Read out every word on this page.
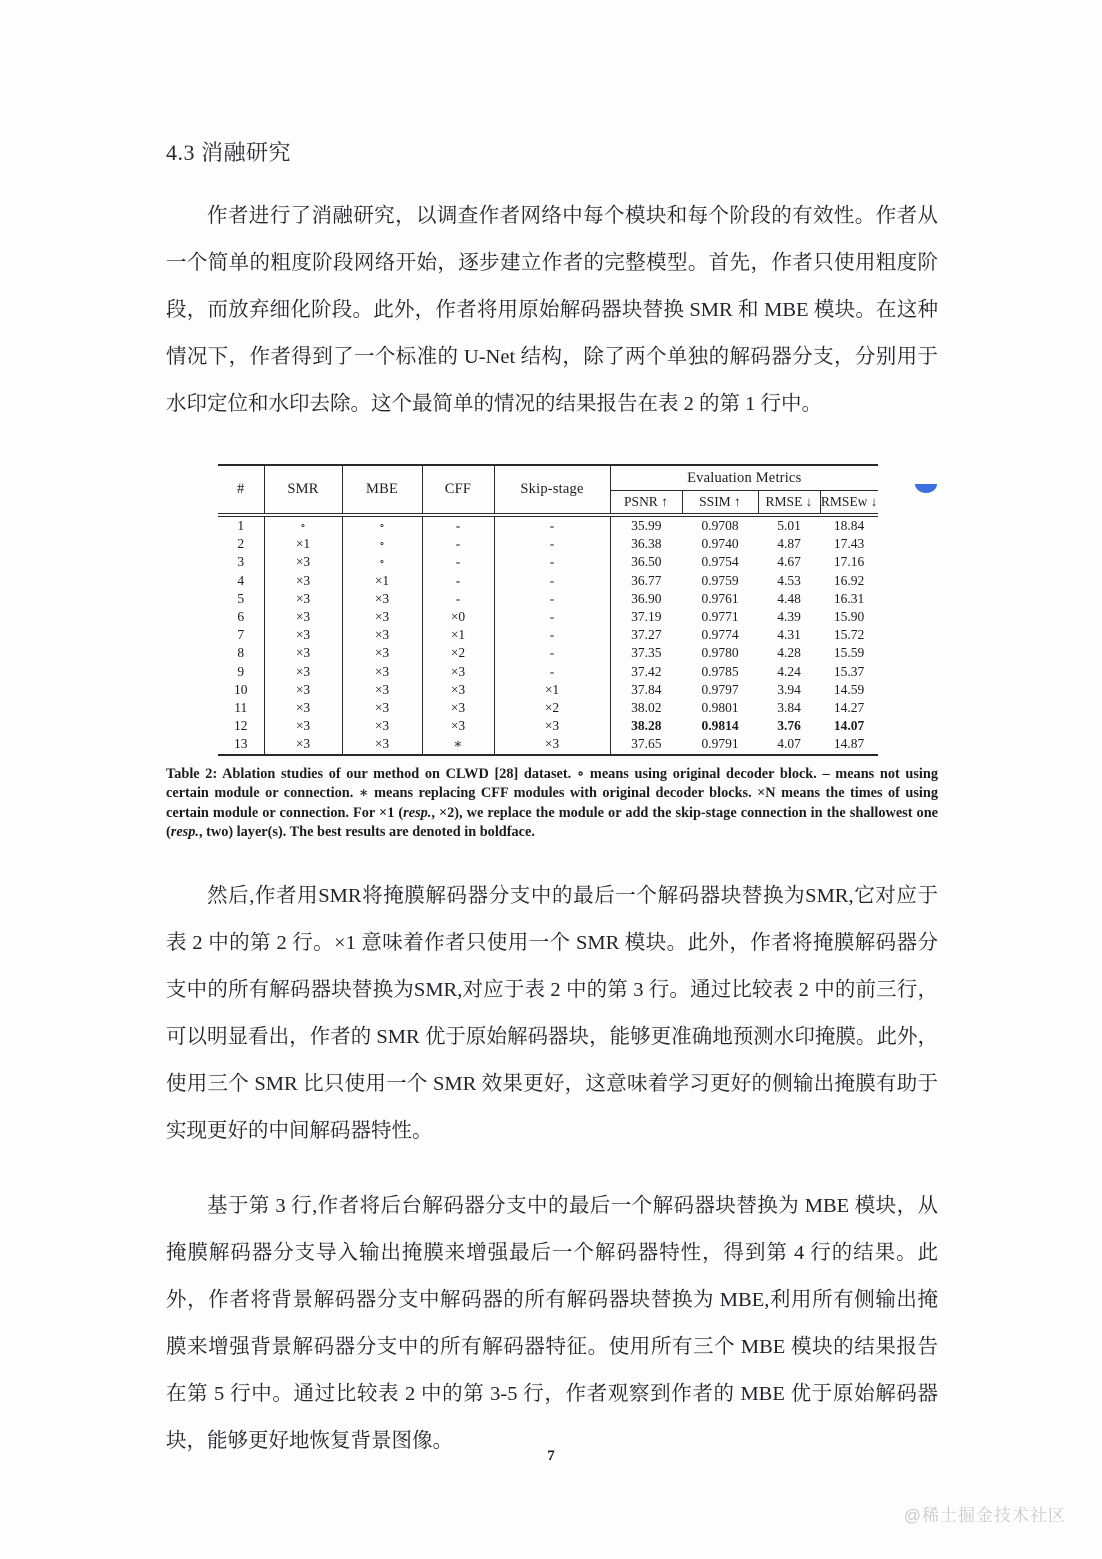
4.3 消融研究

作者进行了消融研究，以调查作者网络中每个模块和每个阶段的有效性。作者从一个简单的粗度阶段网络开始，逐步建立作者的完整模型。首先，作者只使用粗度阶段，而放弃细化阶段。此外，作者将用原始解码器块替换 SMR 和 MBE 模块。在这种情况下，作者得到了一个标准的 U-Net 结构，除了两个单独的解码器分支，分别用于水印定位和水印去除。这个最简单的情况的结果报告在表 2 的第 1 行中。

#	SMR	MBE	CFF	Skip-stage	Evaluation Metrics			
					PSNR ↑	SSIM ↑	RMSE ↓	RMSEw ↓

1	∘	∘	-	-	35.99	0.9708	5.01	18.84
2	×1	∘	-	-	36.38	0.9740	4.87	17.43
3	×3	∘	-	-	36.50	0.9754	4.67	17.16
4	×3	×1	-	-	36.77	0.9759	4.53	16.92
5	×3	×3	-	-	36.90	0.9761	4.48	16.31
6	×3	×3	×0	-	37.19	0.9771	4.39	15.90
7	×3	×3	×1	-	37.27	0.9774	4.31	15.72
8	×3	×3	×2	-	37.35	0.9780	4.28	15.59
9	×3	×3	×3	-	37.42	0.9785	4.24	15.37
10	×3	×3	×3	×1	37.84	0.9797	3.94	14.59
11	×3	×3	×3	×2	38.02	0.9801	3.84	14.27
12	×3	×3	×3	×3	38.28	0.9814	3.76	14.07
13	×3	×3	∗	×3	37.65	0.9791	4.07	14.87

Table 2: Ablation studies of our method on CLWD [28] dataset. ∘ means using original decoder block. – means not using certain module or connection. ∗ means replacing CFF modules with original decoder blocks. ×N means the times of using certain module or connection. For ×1 (resp., ×2), we replace the module or add the skip-stage connection in the shallowest one (resp., two) layer(s). The best results are denoted in boldface.

然后,作者用SMR将掩膜解码器分支中的最后一个解码器块替换为SMR,它对应于表 2 中的第 2 行。×1 意味着作者只使用一个 SMR 模块。此外，作者将掩膜解码器分支中的所有解码器块替换为SMR,对应于表 2 中的第 3 行。通过比较表 2 中的前三行，可以明显看出，作者的 SMR 优于原始解码器块，能够更准确地预测水印掩膜。此外，使用三个 SMR 比只使用一个 SMR 效果更好，这意味着学习更好的侧输出掩膜有助于实现更好的中间解码器特性。

基于第 3 行,作者将后台解码器分支中的最后一个解码器块替换为 MBE 模块，从掩膜解码器分支导入输出掩膜来增强最后一个解码器特性，得到第 4 行的结果。此外，作者将背景解码器分支中解码器的所有解码器块替换为 MBE,利用所有侧输出掩膜来增强背景解码器分支中的所有解码器特征。使用所有三个 MBE 模块的结果报告在第 5 行中。通过比较表 2 中的第 3-5 行，作者观察到作者的 MBE 优于原始解码器块，能够更好地恢复背景图像。

7
@稀土掘金技术社区
